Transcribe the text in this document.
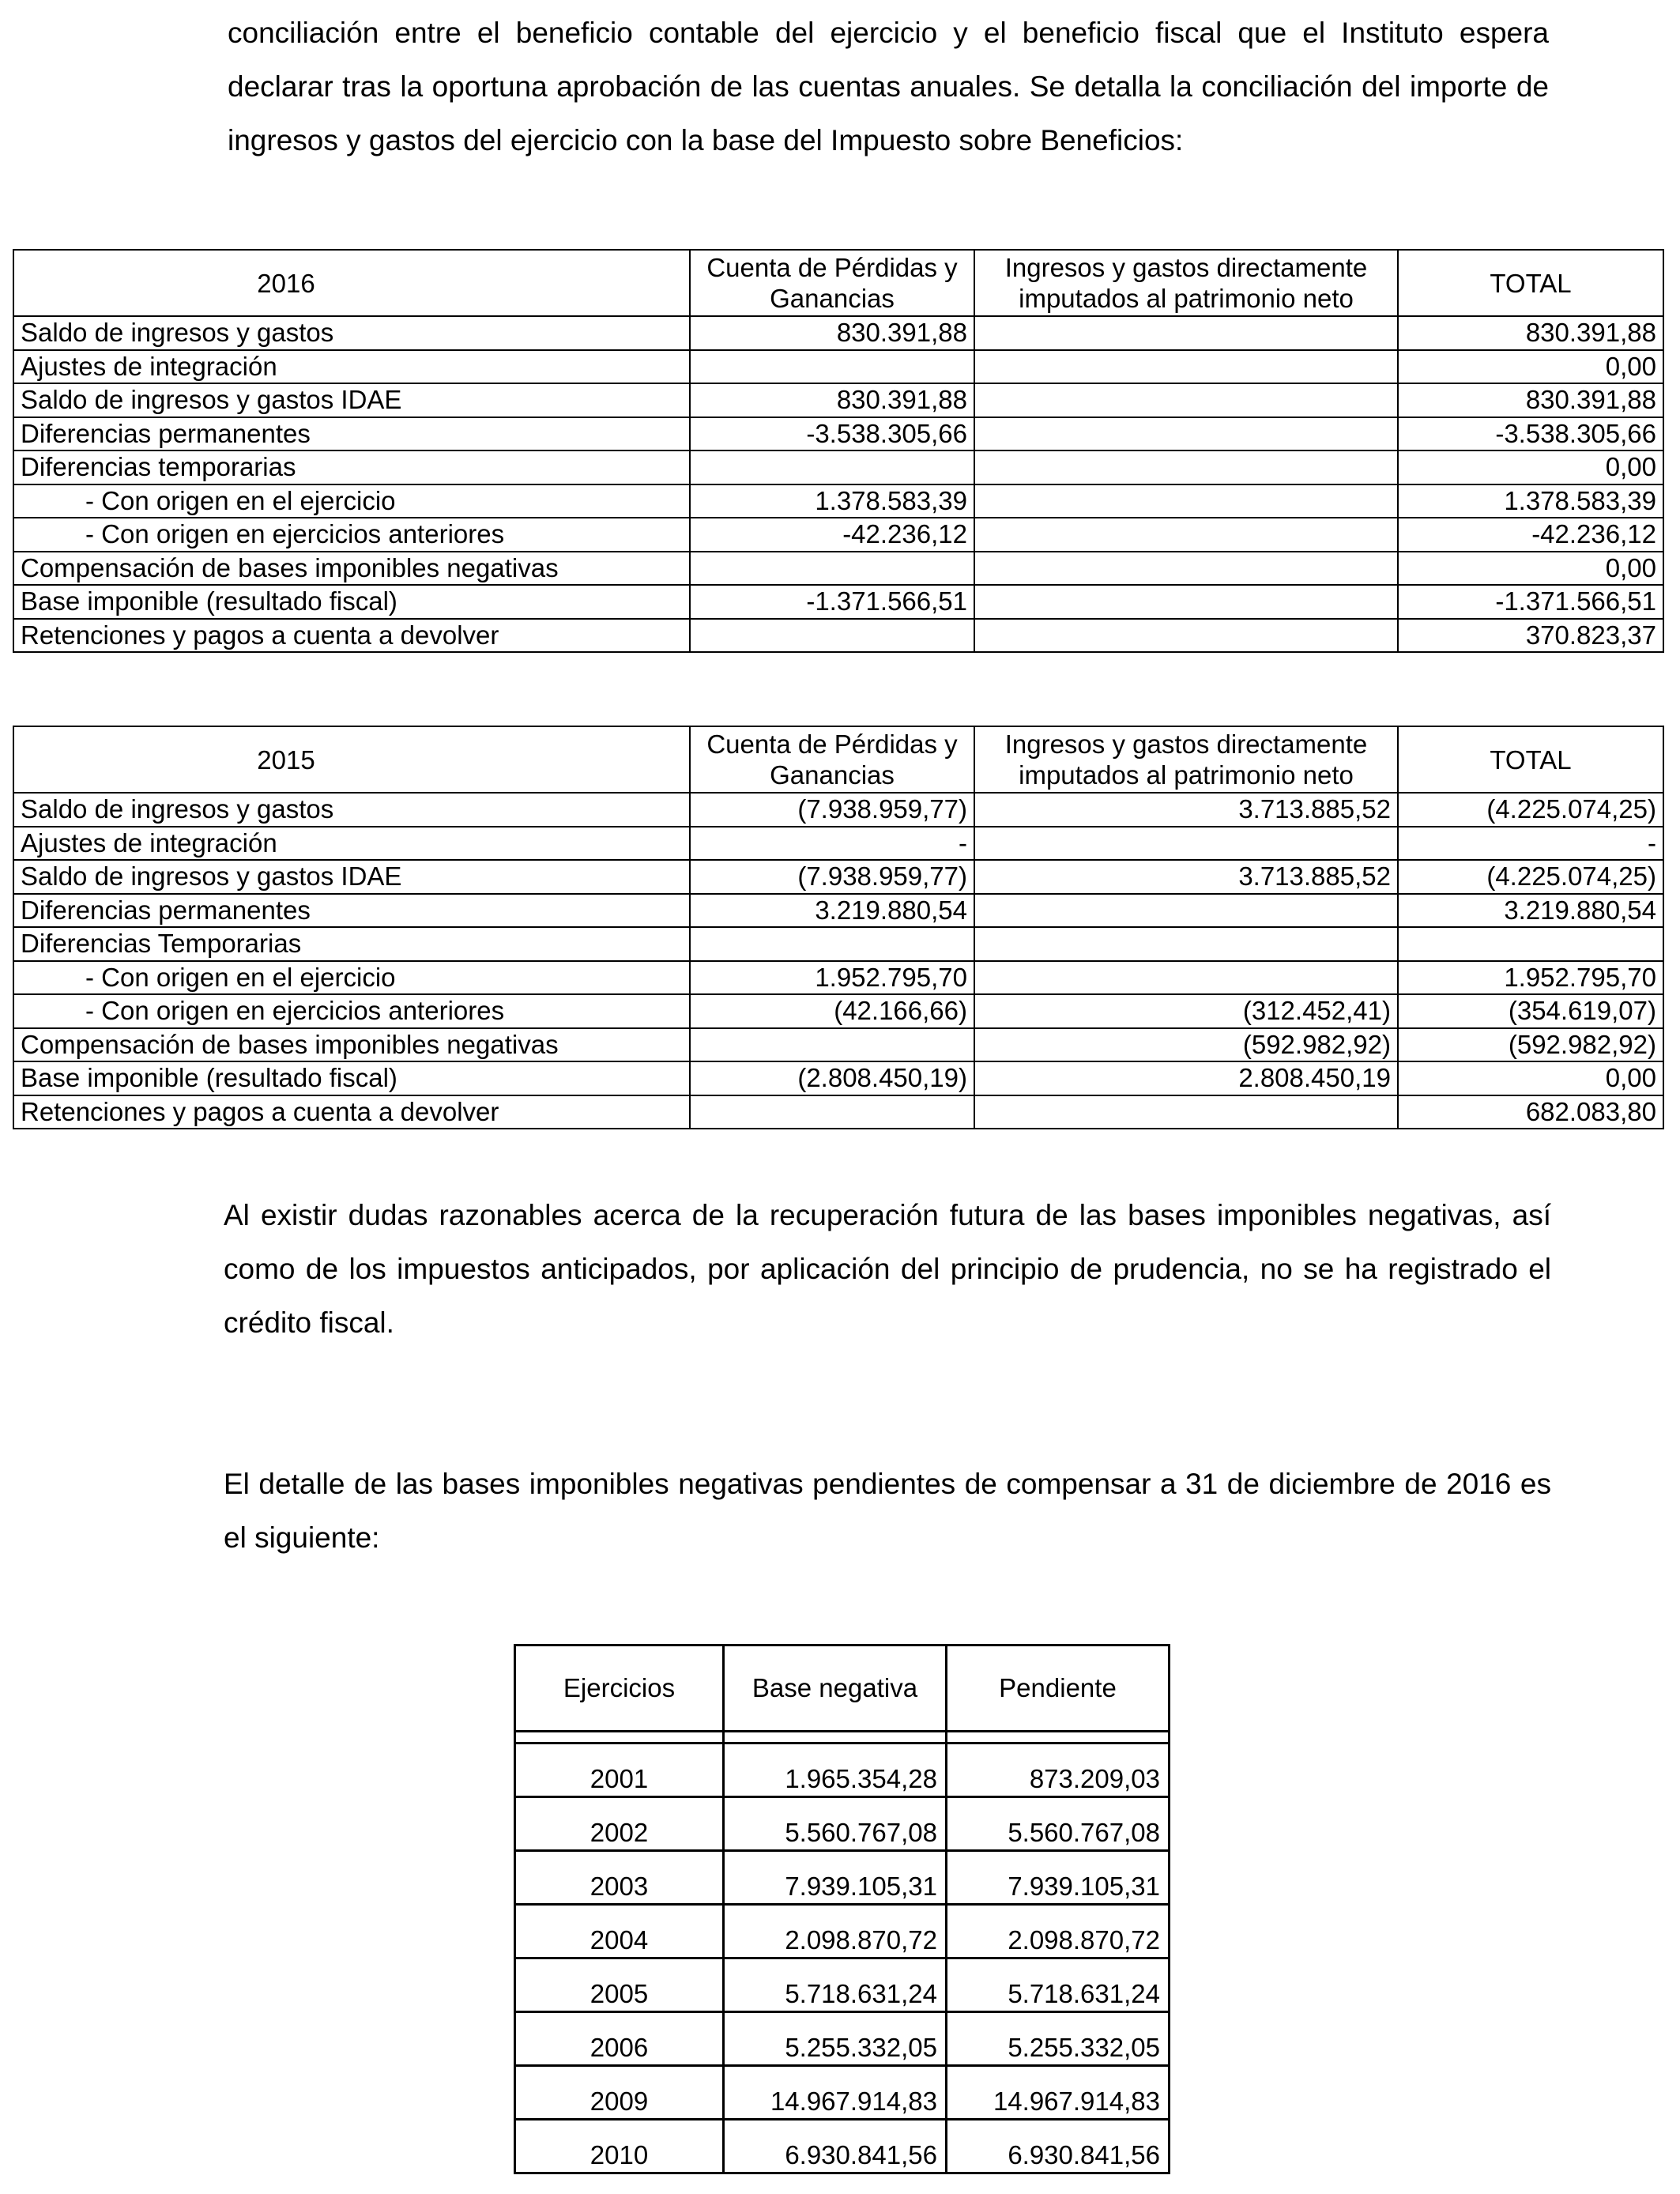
conciliación entre el beneficio contable del ejercicio y el beneficio fiscal que el Instituto espera declarar tras la oportuna aprobación de las cuentas anuales. Se detalla la conciliación del importe de ingresos y gastos del ejercicio con la base del Impuesto sobre Beneficios:

2016	Cuenta de Pérdidas y Ganancias	Ingresos y gastos directamente imputados al patrimonio neto	TOTAL
Saldo de ingresos y gastos	830.391,88		830.391,88
Ajustes de integración			0,00
Saldo de ingresos y gastos IDAE	830.391,88		830.391,88
Diferencias permanentes	-3.538.305,66		-3.538.305,66
Diferencias temporarias			0,00
- Con origen en el ejercicio	1.378.583,39		1.378.583,39
- Con origen en ejercicios anteriores	-42.236,12		-42.236,12
Compensación de bases imponibles negativas			0,00
Base imponible (resultado fiscal)	-1.371.566,51		-1.371.566,51
Retenciones y pagos a cuenta a devolver			370.823,37
2015	Cuenta de Pérdidas y Ganancias	Ingresos y gastos directamente imputados al patrimonio neto	TOTAL
Saldo de ingresos y gastos	(7.938.959,77)	3.713.885,52	(4.225.074,25)
Ajustes de integración	-		-
Saldo de ingresos y gastos IDAE	(7.938.959,77)	3.713.885,52	(4.225.074,25)
Diferencias permanentes	3.219.880,54		3.219.880,54
Diferencias Temporarias			
- Con origen en el ejercicio	1.952.795,70		1.952.795,70
- Con origen en ejercicios anteriores	(42.166,66)	(312.452,41)	(354.619,07)
Compensación de bases imponibles negativas		(592.982,92)	(592.982,92)
Base imponible (resultado fiscal)	(2.808.450,19)	2.808.450,19	0,00
Retenciones y pagos a cuenta a devolver			682.083,80

Al existir dudas razonables acerca de la recuperación futura de las bases imponibles negativas, así como de los impuestos anticipados, por aplicación del principio de prudencia, no se ha registrado el crédito fiscal.

El detalle de las bases imponibles negativas pendientes de compensar a 31 de diciembre de 2016 es el siguiente:

Ejercicios	Base negativa	Pendiente

2001	1.965.354,28	873.209,03
2002	5.560.767,08	5.560.767,08
2003	7.939.105,31	7.939.105,31
2004	2.098.870,72	2.098.870,72
2005	5.718.631,24	5.718.631,24
2006	5.255.332,05	5.255.332,05
2009	14.967.914,83	14.967.914,83
2010	6.930.841,56	6.930.841,56
